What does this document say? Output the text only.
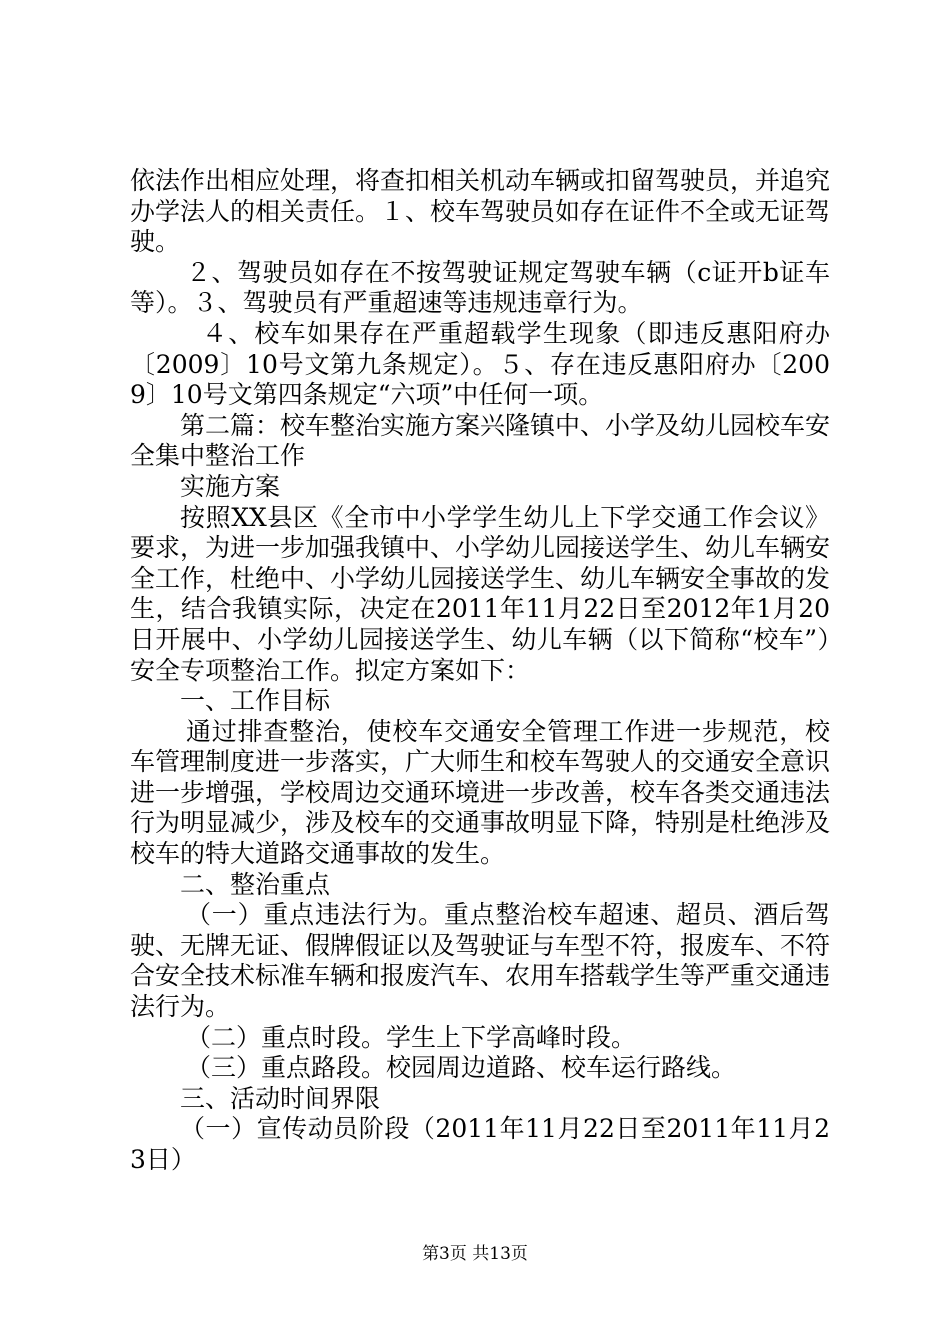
依法作出相应处理，将查扣相关机动车辆或扣留驾驶员，并追究办学法人的相关责任。１、校车驾驶员如存在证件不全或无证驾驶。

２、驾驶员如存在不按驾驶证规定驾驶车辆（c证开b证车等）。３、驾驶员有严重超速等违规违章行为。

４、校车如果存在严重超载学生现象（即违反惠阳府办〔2009〕10号文第九条规定）。５、存在违反惠阳府办〔2009〕10号文第四条规定“六项”中任何一项。

第二篇：校车整治实施方案兴隆镇中、小学及幼儿园校车安全集中整治工作

实施方案

按照XX县区《全市中小学学生幼儿上下学交通工作会议》要求，为进一步加强我镇中、小学幼儿园接送学生、幼儿车辆安全工作，杜绝中、小学幼儿园接送学生、幼儿车辆安全事故的发生，结合我镇实际，决定在2011年11月22日至2012年1月20日开展中、小学幼儿园接送学生、幼儿车辆（以下简称“校车”）安全专项整治工作。拟定方案如下：

一、工作目标

通过排查整治，使校车交通安全管理工作进一步规范，校车管理制度进一步落实，广大师生和校车驾驶人的交通安全意识进一步增强，学校周边交通环境进一步改善，校车各类交通违法行为明显减少，涉及校车的交通事故明显下降，特别是杜绝涉及校车的特大道路交通事故的发生。

二、整治重点

（一）重点违法行为。重点整治校车超速、超员、酒后驾驶、无牌无证、假牌假证以及驾驶证与车型不符，报废车、不符合安全技术标准车辆和报废汽车、农用车搭载学生等严重交通违法行为。

（二）重点时段。学生上下学高峰时段。

（三）重点路段。校园周边道路、校车运行路线。

三、活动时间界限

（一）宣传动员阶段（2011年11月22日至2011年11月23日）

第3页 共13页
